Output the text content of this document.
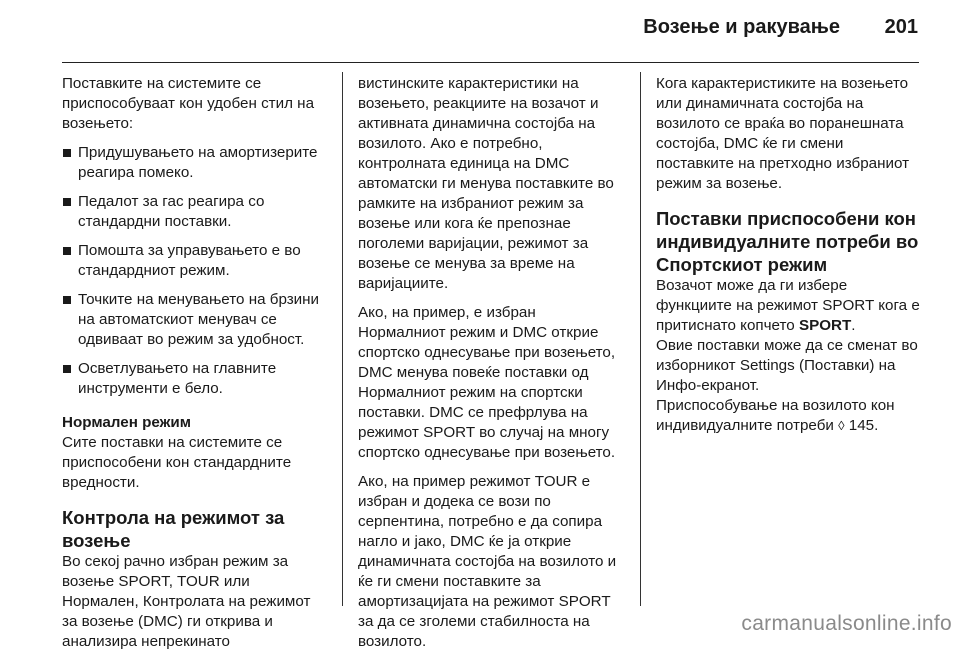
Возење и ракување 201

Поставките на системите се приспособуваат кон удобен стил на возењето:

Придушувањето на амортизерите реагира помеко.
Педалот за гас реагира со стандардни поставки.
Помошта за управувањето е во стандардниот режим.
Точките на менувањето на брзини на автоматскиот менувач се одвиваат во режим за удобност.
Осветлувањето на главните инструменти е бело.

Нормален режим

Сите поставки на системите се приспособени кон стандардните вредности.

Контрола на режимот за возење

Во секој рачно избран режим за возење SPORT, TOUR или Нормален, Контролата на режимот за возење (DMC) ги открива и анализира непрекинато

вистинските карактеристики на возењето, реакциите на возачот и активната динамична состојба на возилото. Ако е потребно, контролната единица на DMC автоматски ги менува поставките во рамките на избраниот режим за возење или кога ќе препознае поголеми варијации, режимот за возење се менува за време на варијациите.

Ако, на пример, е избран Нормалниот режим и DMC открие спортско однесување при возењето, DMC менува повеќе поставки од Нормалниот режим на спортски поставки. DMC се префрлува на режимот SPORT во случај на многу спортско однесување при возењето.

Ако, на пример режимот TOUR е избран и додека се вози по серпентина, потребно е да сопира нагло и јако, DMC ќе ја открие динамичната состојба на возилото и ќе ги смени поставките за амортизацијата на режимот SPORT за да се зголеми стабилноста на возилото.

Кога карактеристиките на возењето или динамичната состојба на возилото се враќа во поранешната состојба, DMC ќе ги смени поставките на претходно избраниот режим за возење.

Поставки приспособени кон индивидуалните потреби во Спортскиот режим

Возачот може да ги избере функциите на режимот SPORT кога е притиснато копчето SPORT.

Овие поставки може да се сменат во изборникот Settings (Поставки) на Инфо-екранот.

Приспособување на возилото кон индивидуалните потреби ◊ 145.

carmanualsonline.info
